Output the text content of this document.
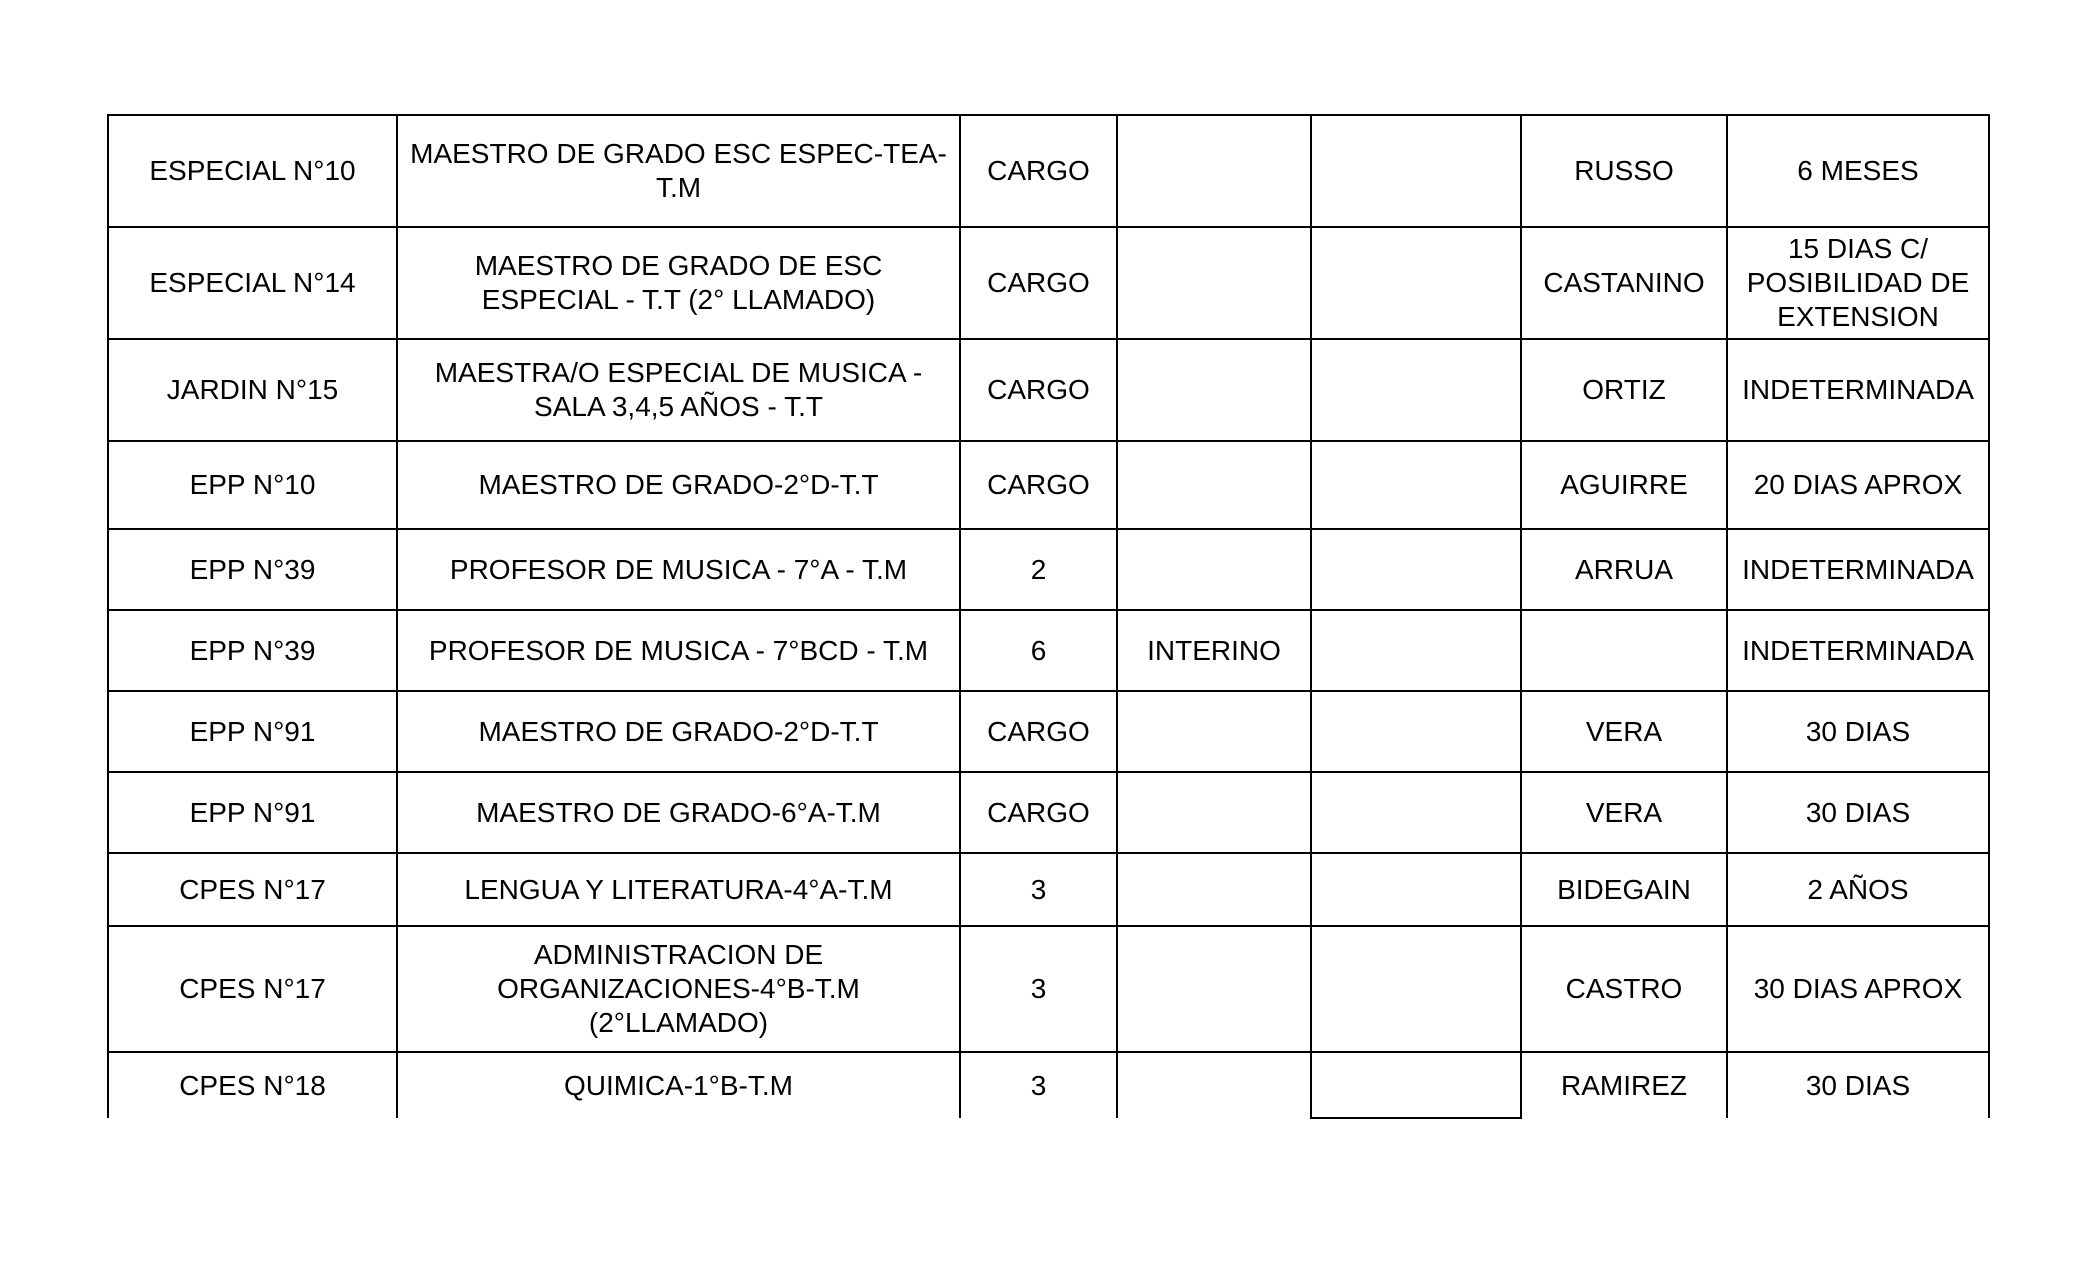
ESPECIAL N°10	MAESTRO DE GRADO ESC ESPEC-TEA-T.M	CARGO			RUSSO	6 MESES
ESPECIAL N°14	MAESTRO DE GRADO DE ESC ESPECIAL - T.T (2° LLAMADO)	CARGO			CASTANINO	15 DIAS C/ POSIBILIDAD DE EXTENSION
JARDIN N°15	MAESTRA/O ESPECIAL DE MUSICA - SALA 3,4,5 AÑOS - T.T	CARGO			ORTIZ	INDETERMINADA
EPP N°10	MAESTRO DE GRADO-2°D-T.T	CARGO			AGUIRRE	20 DIAS APROX
EPP N°39	PROFESOR DE MUSICA - 7°A - T.M	2			ARRUA	INDETERMINADA
EPP N°39	PROFESOR DE MUSICA - 7°BCD - T.M	6	INTERINO			INDETERMINADA
EPP N°91	MAESTRO DE GRADO-2°D-T.T	CARGO			VERA	30 DIAS
EPP N°91	MAESTRO DE GRADO-6°A-T.M	CARGO			VERA	30 DIAS
CPES N°17	LENGUA Y LITERATURA-4°A-T.M	3			BIDEGAIN	2 AÑOS
CPES N°17	ADMINISTRACION DE ORGANIZACIONES-4°B-T.M (2°LLAMADO)	3			CASTRO	30 DIAS APROX
CPES N°18	QUIMICA-1°B-T.M	3			RAMIREZ	30 DIAS
